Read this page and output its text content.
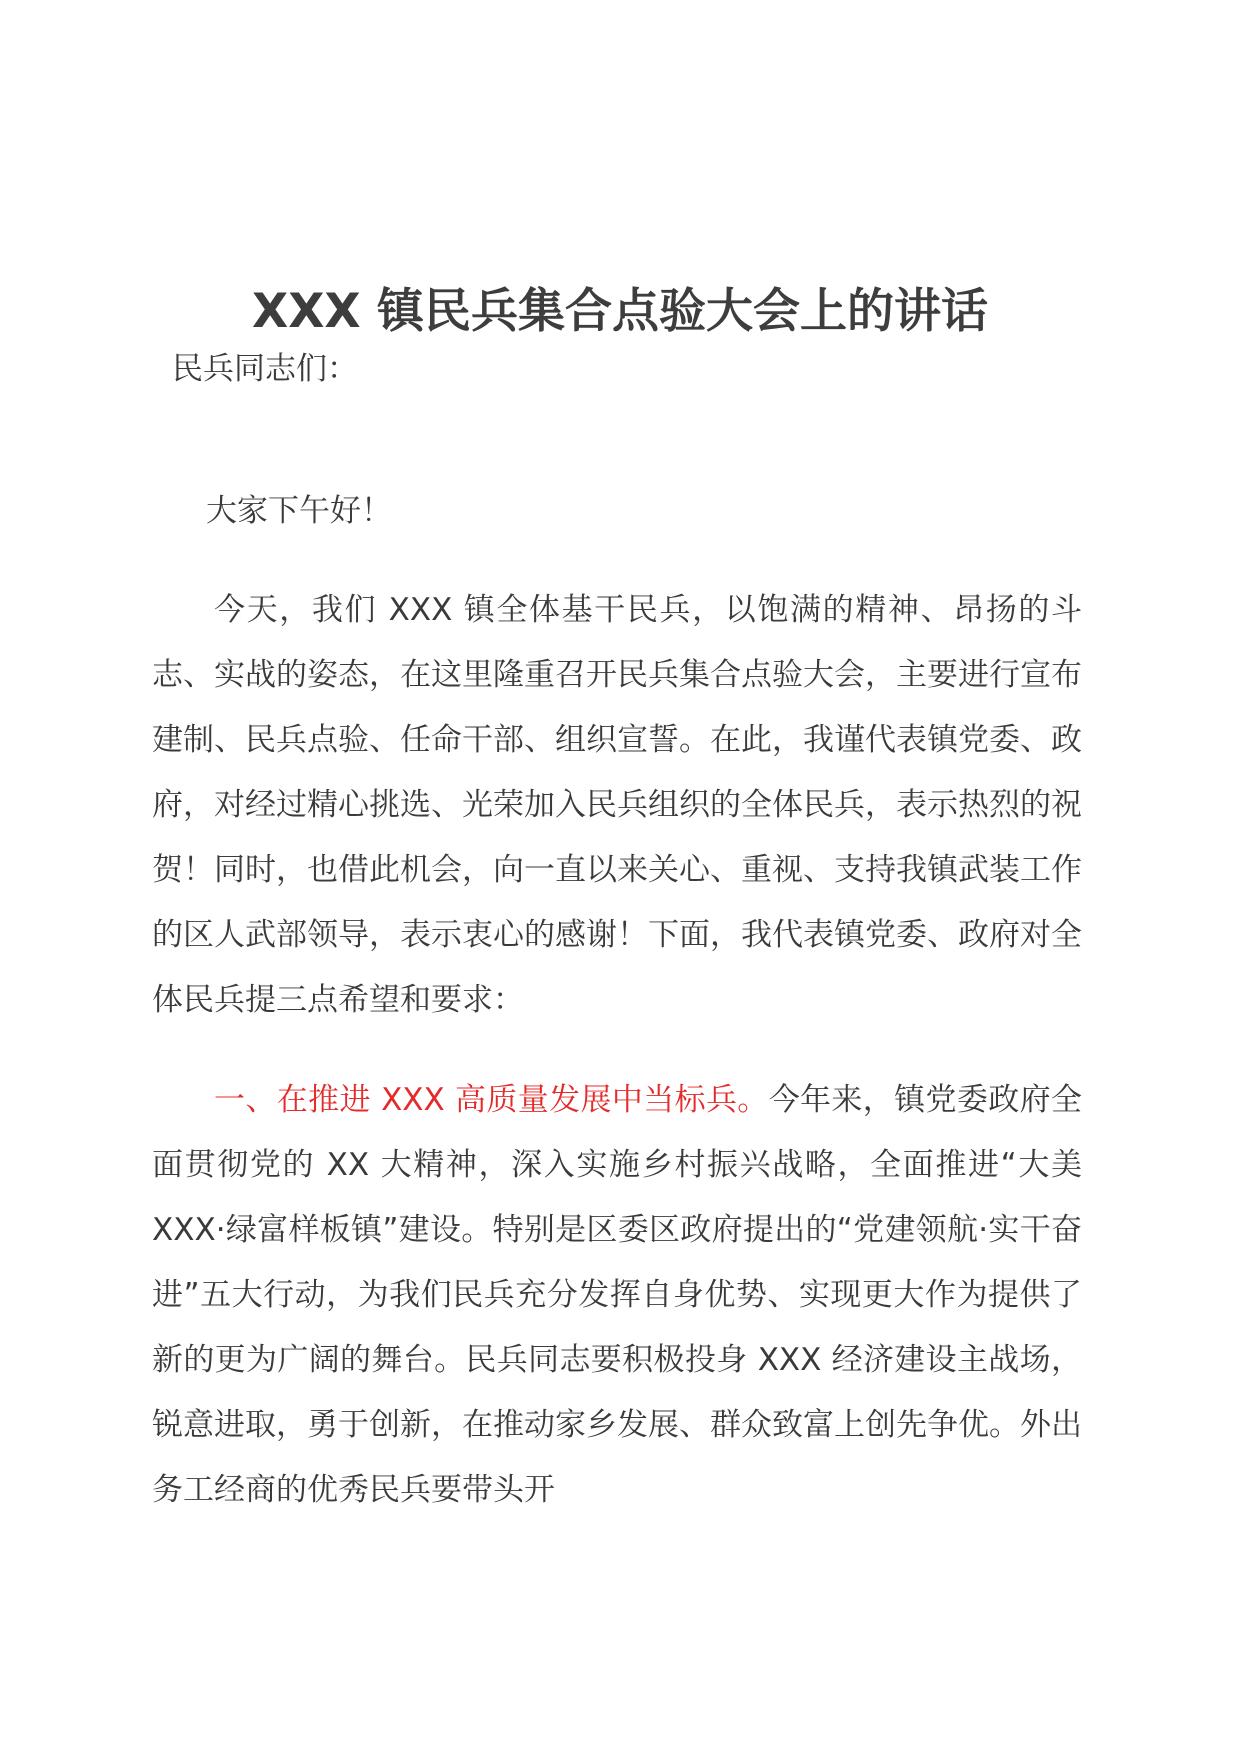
XXX 镇民兵集合点验大会上的讲话
民兵同志们：
大家下午好！
今天，我们 XXX 镇全体基干民兵，以饱满的精神、昂扬的斗志、实战的姿态，在这里隆重召开民兵集合点验大会，主要进行宣布建制、民兵点验、任命干部、组织宣誓。在此，我谨代表镇党委、政府，对经过精心挑选、光荣加入民兵组织的全体民兵，表示热烈的祝贺！同时，也借此机会，向一直以来关心、重视、支持我镇武装工作的区人武部领导，表示衷心的感谢！下面，我代表镇党委、政府对全体民兵提三点希望和要求：
一、在推进 XXX 高质量发展中当标兵。今年来，镇党委政府全面贯彻党的 XX 大精神，深入实施乡村振兴战略，全面推进“大美 XXX·绿富样板镇”建设。特别是区委区政府提出的“党建领航·实干奋进”五大行动，为我们民兵充分发挥自身优势、实现更大作为提供了新的更为广阔的舞台。民兵同志要积极投身 XXX 经济建设主战场，锐意进取，勇于创新，在推动家乡发展、群众致富上创先争优。外出务工经商的优秀民兵要带头开
